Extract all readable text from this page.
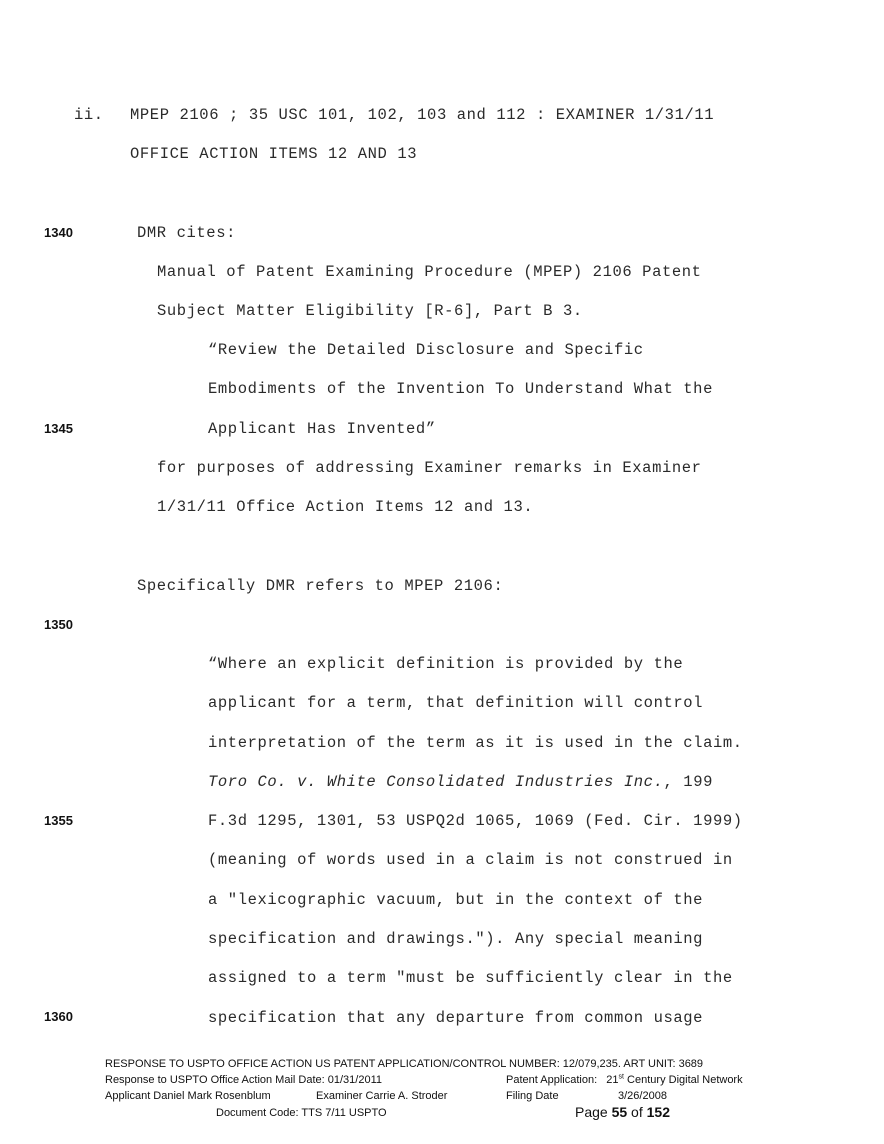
ii. MPEP 2106 ; 35 USC 101, 102, 103 and 112 : EXAMINER 1/31/11
OFFICE ACTION ITEMS 12 AND 13
1340
1345
1350
1355
1360
DMR cites:
Manual of Patent Examining Procedure (MPEP) 2106 Patent
Subject Matter Eligibility [R-6], Part B 3.
“Review the Detailed Disclosure and Specific
Embodiments of the Invention To Understand What the
Applicant Has Invented”
for purposes of addressing Examiner remarks in Examiner
1/31/11 Office Action Items 12 and 13.
Specifically DMR refers to MPEP 2106:
“Where an explicit definition is provided by the
applicant for a term, that definition will control
interpretation of the term as it is used in the claim.
Toro Co. v. White Consolidated Industries Inc., 199
F.3d 1295, 1301, 53 USPQ2d 1065, 1069 (Fed. Cir. 1999)
(meaning of words used in a claim is not construed in
a "lexicographic vacuum, but in the context of the
specification and drawings."). Any special meaning
assigned to a term "must be sufficiently clear in the
specification that any departure from common usage
RESPONSE TO USPTO OFFICE ACTION US PATENT APPLICATION/CONTROL NUMBER: 12/079,235. ART UNIT: 3689
Response to USPTO Office Action Mail Date: 01/31/2011	Patent Application: 21st Century Digital Network
Applicant Daniel Mark Rosenblum	Examiner Carrie A. Stroder	Filing Date	3/26/2008
Document Code: TTS 7/11 USPTO	Page 55 of 152
